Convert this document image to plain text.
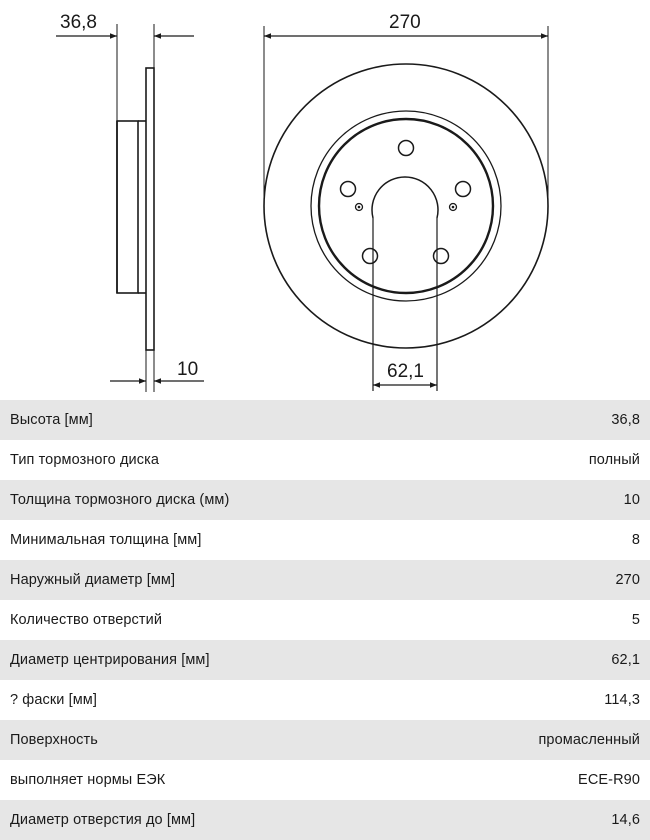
36,8
10
270
62,1
Высота [мм]	36,8
Тип тормозного диска	полный
Толщина тормозного диска (мм)	10
Минимальная толщина [мм]	8
Наружный диаметр [мм]	270
Количество отверстий	5
Диаметр центрирования [мм]	62,1
? фаски [мм]	114,3
Поверхность	промасленный
выполняет нормы ЕЭК	ECE-R90
Диаметр отверстия до [мм]	14,6
